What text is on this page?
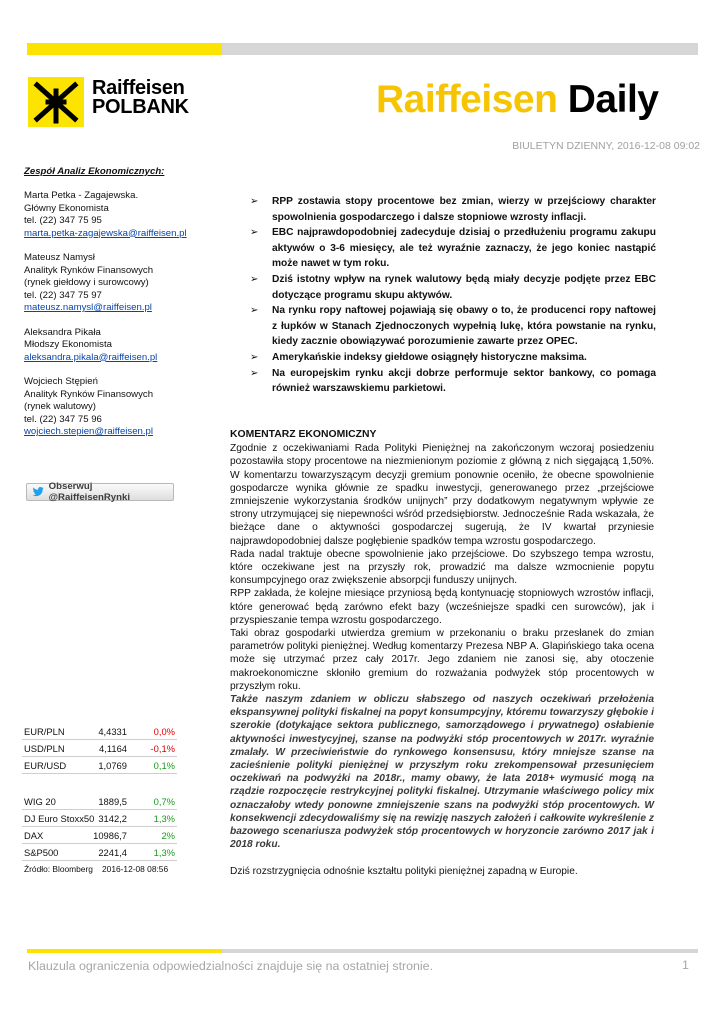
Raiffeisen
POLBANK	Raiffeisen Daily
BIULETYN DZIENNY, 2016-12-08 09:02
Zespół Analiz Ekonomicznych:
Marta Petka - Zagajewska.
Główny Ekonomista
tel. (22) 347 75 95
marta.petka-zagajewska@raiffeisen.pl
Mateusz Namysł
Analityk Rynków Finansowych
(rynek giełdowy i surowcowy)
tel. (22) 347 75 97
mateusz.namysl@raiffeisen.pl
Aleksandra Pikała
Młodszy Ekonomista
aleksandra.pikala@raiffeisen.pl
Wojciech Stępień
Analityk Rynków Finansowych
(rynek walutowy)
tel. (22) 347 75 96
wojciech.stepien@raiffeisen.pl
Obserwuj @RaiffeisenRynki
EUR/PLN	4,4331	0,0%
USD/PLN	4,1164	-0,1%
EUR/USD	1,0769	0,1%
WIG 20	1889,5	0,7%
DJ Euro Stoxx50 3142,2	1,3%
DAX	10986,7	2%
S&P500	2241,4	1,3%
Źródło: Bloomberg 2016-12-08 08:56
➢ RPP zostawia stopy procentowe bez zmian, wierzy w przejściowy charakter spowolnienia gospodarczego i dalsze stopniowe wzrosty inflacji.
➢ EBC najprawdopodobniej zadecyduje dzisiaj o przedłużeniu programu zakupu aktywów o 3-6 miesięcy, ale też wyraźnie zaznaczy, że jego koniec nastąpić może nawet w tym roku.
➢ Dziś istotny wpływ na rynek walutowy będą miały decyzje podjęte przez EBC dotyczące programu skupu aktywów.
➢ Na rynku ropy naftowej pojawiają się obawy o to, że producenci ropy naftowej z łupków w Stanach Zjednoczonych wypełnią lukę, która powstanie na rynku, kiedy zacznie obowiązywać porozumienie zawarte przez OPEC.
➢ Amerykańskie indeksy giełdowe osiągnęły historyczne maksima.
➢ Na europejskim rynku akcji dobrze performuje sektor bankowy, co pomaga również warszawskiemu parkietowi.
KOMENTARZ EKONOMICZNY

Zgodnie z oczekiwaniami Rada Polityki Pieniężnej na zakończonym wczoraj posiedzeniu pozostawiła stopy procentowe na niezmienionym poziomie z główną z nich sięgającą 1,50%. W komentarzu towarzyszącym decyzji gremium ponownie oceniło, że obecne spowolnienie gospodarcze wynika głównie ze spadku inwestycji, generowanego przez „przejściowe zmniejszenie wykorzystania środków unijnych” przy dodatkowym negatywnym wpływie ze strony utrzymującej się niepewności wśród przedsiębiorstw. Jednocześnie Rada wskazała, że bieżące dane o aktywności gospodarczej sugerują, że IV kwartał przyniesie najprawdopodobniej dalsze pogłębienie spadków tempa wzrostu gospodarczego.

Rada nadal traktuje obecne spowolnienie jako przejściowe. Do szybszego tempa wzrostu, które oczekiwane jest na przyszły rok, prowadzić ma dalsze wzmocnienie popytu konsumpcyjnego oraz zwiększenie absorpcji funduszy unijnych.

RPP zakłada, że kolejne miesiące przyniosą będą kontynuację stopniowych wzrostów inflacji, które generować będą zarówno efekt bazy (wcześniejsze spadki cen surowców), jak i przyspieszanie tempa wzrostu gospodarczego.

Taki obraz gospodarki utwierdza gremium w przekonaniu o braku przesłanek do zmian parametrów polityki pieniężnej. Według komentarzy Prezesa NBP A. Glapińskiego taka ocena może się utrzymać przez cały 2017r. Jego zdaniem nie zanosi się, aby otoczenie makroekonomiczne skłoniło gremium do rozważania podwyżek stóp procentowych w przyszłym roku.

Także naszym zdaniem w obliczu słabszego od naszych oczekiwań przełożenia ekspansywnej polityki fiskalnej na popyt konsumpcyjny, któremu towarzyszy głębokie i szerokie (dotykające sektora publicznego, samorządowego i prywatnego) osłabienie aktywności inwestycyjnej, szanse na podwyżki stóp procentowych w 2017r. wyraźnie zmalały. W przeciwieństwie do rynkowego konsensusu, który mniejsze szanse na zacieśnienie polityki pieniężnej w przyszłym roku zrekompensował przesunięciem oczekiwań na podwyżki na 2018r., mamy obawy, że lata 2018+ wymusić mogą na rządzie rozpoczęcie restrykcyjnej polityki fiskalnej. Utrzymanie właściwego policy mix oznaczałoby wtedy ponowne zmniejszenie szans na podwyżki stóp procentowych. W konsekwencji zdecydowaliśmy się na rewizję naszych założeń i całkowite wykreślenie z bazowego scenariusza podwyżek stóp procentowych w horyzoncie zarówno 2017 jak i 2018 roku.

Dziś rozstrzygnięcia odnośnie kształtu polityki pieniężnej zapadną w Europie.

Klauzula ograniczenia odpowiedzialności znajduje się na ostatniej stronie.	1
